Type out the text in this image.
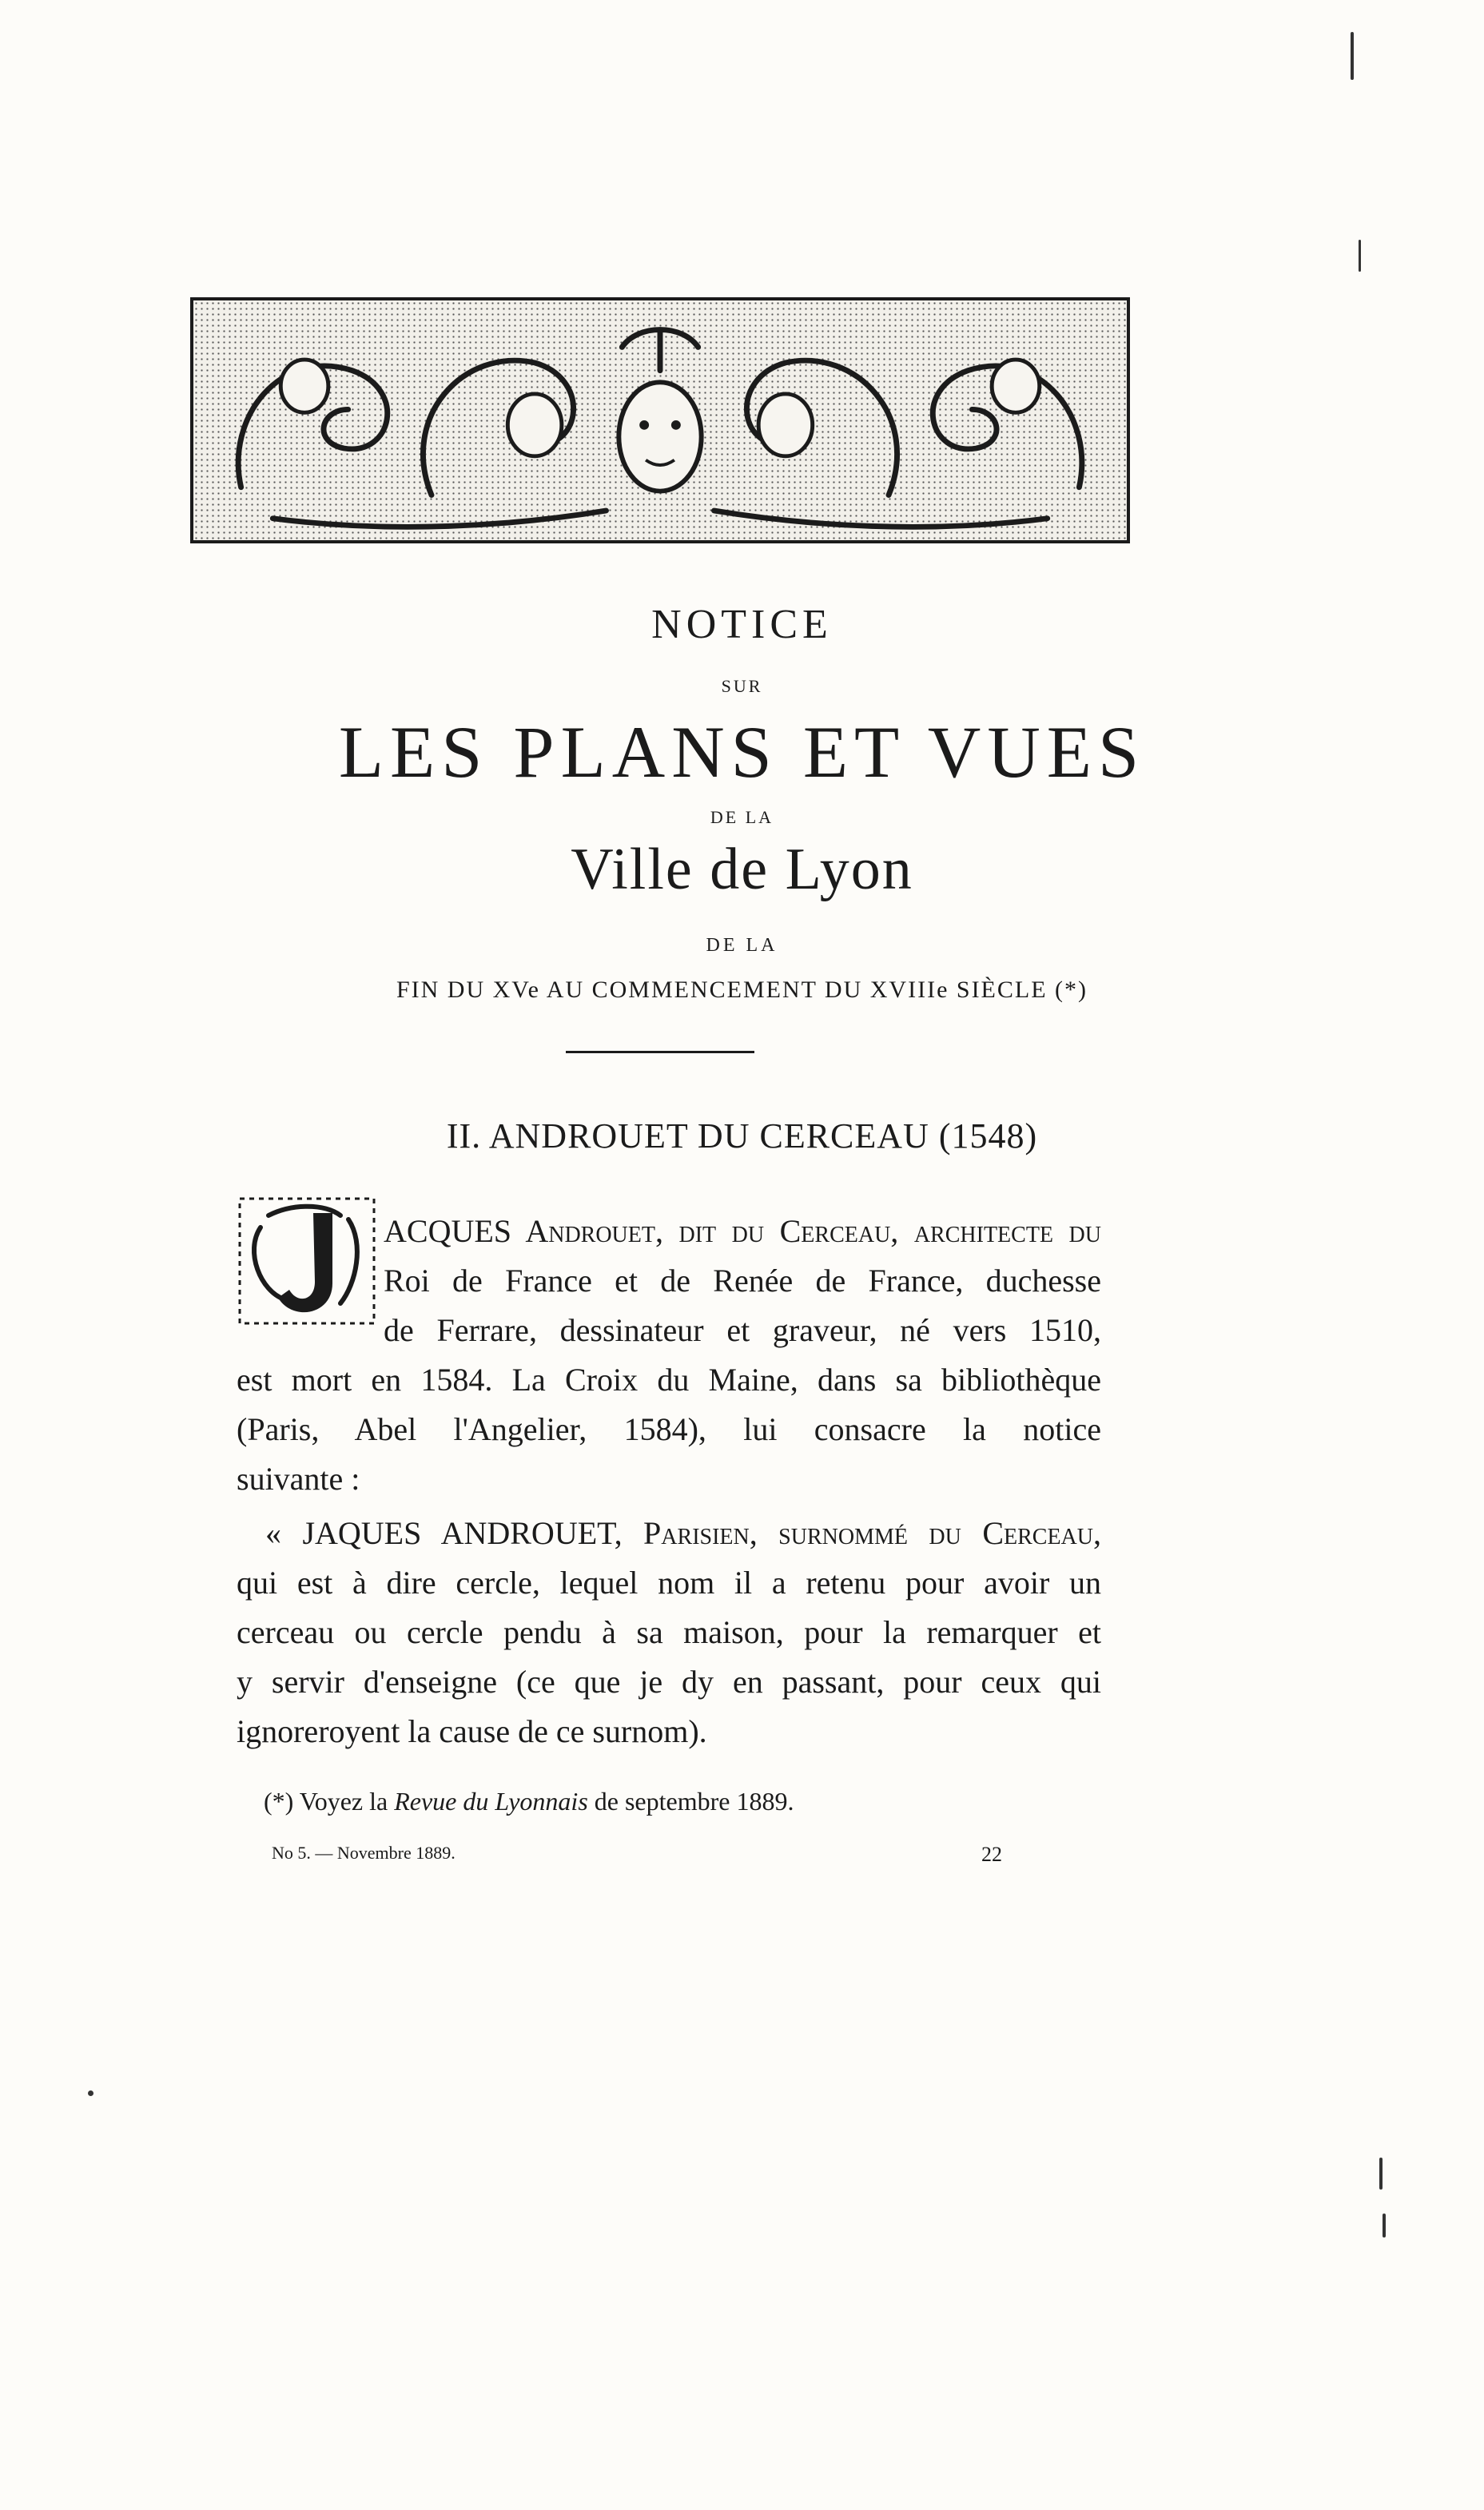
NOTICE
SUR
LES PLANS ET VUES
DE LA
Ville de Lyon
DE LA
FIN DU XVe AU COMMENCEMENT DU XVIIIe SIÈCLE (*)
II. ANDROUET DU CERCEAU (1548)
ACQUES Androuet, dit du Cerceau, architecte du
Roi de France et de Renée de France, duchesse
de Ferrare, dessinateur et graveur, né vers 1510,
est mort en 1584. La Croix du Maine, dans sa bibliothèque
(Paris, Abel l'Angelier, 1584), lui consacre la notice
suivante :
« JAQUES ANDROUET, Parisien, surnommé du Cerceau,
qui est à dire cercle, lequel nom il a retenu pour avoir un
cerceau ou cercle pendu à sa maison, pour la remarquer et
y servir d'enseigne (ce que je dy en passant, pour ceux qui
ignoreroyent la cause de ce surnom).
(*) Voyez la Revue du Lyonnais de septembre 1889.
No 5. — Novembre 1889.	22
